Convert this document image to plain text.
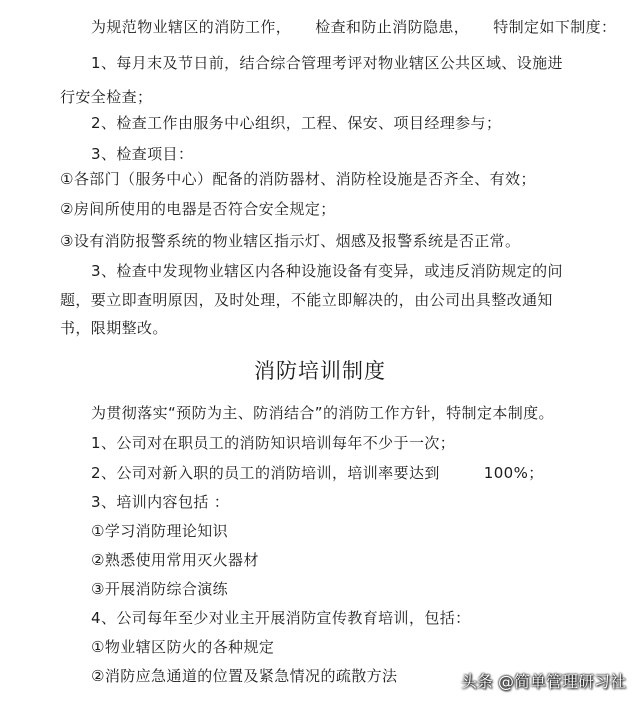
为规范物业辖区的消防工作， 检查和防止消防隐患， 特制定如下制度：
1、每月末及节日前，结合综合管理考评对物业辖区公共区域、设施进
行安全检查；
2、检查工作由服务中心组织，工程、保安、项目经理参与；
3、检查项目：
①各部门（服务中心）配备的消防器材、消防栓设施是否齐全、有效；
②房间所使用的电器是否符合安全规定；
③设有消防报警系统的物业辖区指示灯、烟感及报警系统是否正常。
3、检查中发现物业辖区内各种设施设备有变异，或违反消防规定的问
题，要立即查明原因，及时处理，不能立即解决的，由公司出具整改通知
书，限期整改。
消防培训制度
为贯彻落实“预防为主、防消结合”的消防工作方针，特制定本制度。
1、公司对在职员工的消防知识培训每年不少于一次；
2、公司对新入职的员工的消防培训，培训率要达到	100%；
3、培训内容包括 ：
①学习消防理论知识
②熟悉使用常用灭火器材
③开展消防综合演练
4、公司每年至少对业主开展消防宣传教育培训，包括：
①物业辖区防火的各种规定
②消防应急通道的位置及紧急情况的疏散方法	头条 @简单管理研习社
